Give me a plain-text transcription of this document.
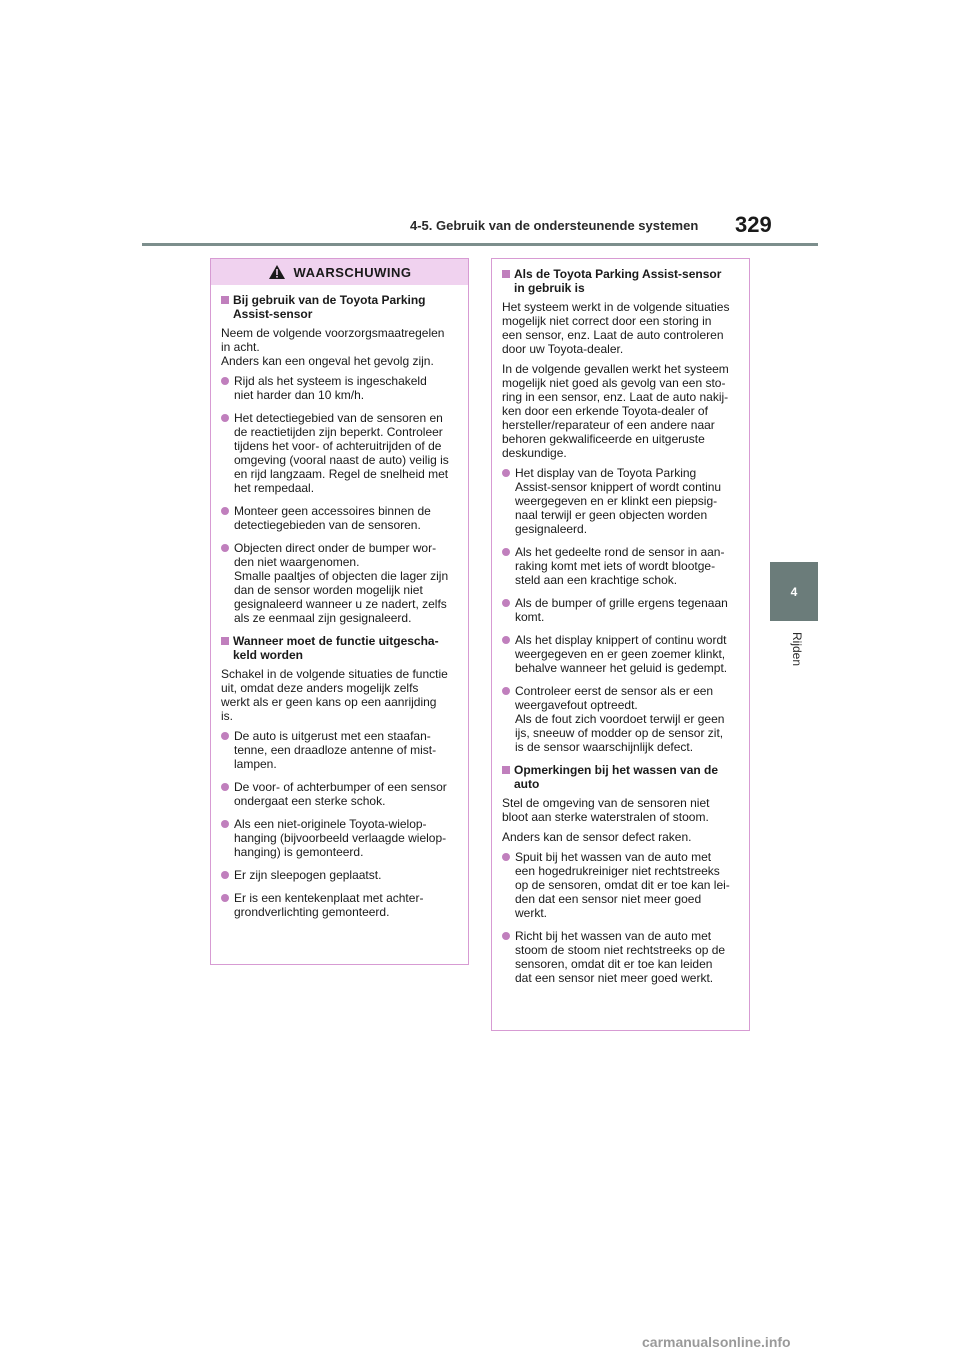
4-5. Gebruik van de ondersteunende systemen 329
4
Rijden
WAARSCHUWING
Bij gebruik van de Toyota Parking
Assist-sensor

Neem de volgende voorzorgsmaatregelen
in acht.
Anders kan een ongeval het gevolg zijn.

Rijd als het systeem is ingeschakeld
niet harder dan 10 km/h.
Het detectiegebied van de sensoren en
de reactietijden zijn beperkt. Controleer
tijdens het voor- of achteruitrijden of de
omgeving (vooral naast de auto) veilig is
en rijd langzaam. Regel de snelheid met
het rempedaal.
Monteer geen accessoires binnen de
detectiegebieden van de sensoren.
Objecten direct onder de bumper wor-
den niet waargenomen.
Smalle paaltjes of objecten die lager zijn
dan de sensor worden mogelijk niet
gesignaleerd wanneer u ze nadert, zelfs
als ze eenmaal zijn gesignaleerd.
Wanneer moet de functie uitgescha-
keld worden

Schakel in de volgende situaties de functie
uit, omdat deze anders mogelijk zelfs
werkt als er geen kans op een aanrijding
is.

De auto is uitgerust met een staafan-
tenne, een draadloze antenne of mist-
lampen.
De voor- of achterbumper of een sensor
ondergaat een sterke schok.
Als een niet-originele Toyota-wielop-
hanging (bijvoorbeeld verlaagde wielop-
hanging) is gemonteerd.
Er zijn sleepogen geplaatst.
Er is een kentekenplaat met achter-
grondverlichting gemonteerd.
Als de Toyota Parking Assist-sensor
in gebruik is

Het systeem werkt in de volgende situaties
mogelijk niet correct door een storing in
een sensor, enz. Laat de auto controleren
door uw Toyota-dealer.

In de volgende gevallen werkt het systeem
mogelijk niet goed als gevolg van een sto-
ring in een sensor, enz. Laat de auto nakij-
ken door een erkende Toyota-dealer of
hersteller/reparateur of een andere naar
behoren gekwalificeerde en uitgeruste
deskundige.

Het display van de Toyota Parking
Assist-sensor knippert of wordt continu
weergegeven en er klinkt een piepsig-
naal terwijl er geen objecten worden
gesignaleerd.
Als het gedeelte rond de sensor in aan-
raking komt met iets of wordt blootge-
steld aan een krachtige schok.
Als de bumper of grille ergens tegenaan
komt.
Als het display knippert of continu wordt
weergegeven en er geen zoemer klinkt,
behalve wanneer het geluid is gedempt.
Controleer eerst de sensor als er een
weergavefout optreedt.
Als de fout zich voordoet terwijl er geen
ijs, sneeuw of modder op de sensor zit,
is de sensor waarschijnlijk defect.
Opmerkingen bij het wassen van de
auto

Stel de omgeving van de sensoren niet
bloot aan sterke waterstralen of stoom.

Anders kan de sensor defect raken.

Spuit bij het wassen van de auto met
een hogedrukreiniger niet rechtstreeks
op de sensoren, omdat dit er toe kan lei-
den dat een sensor niet meer goed
werkt.
Richt bij het wassen van de auto met
stoom de stoom niet rechtstreeks op de
sensoren, omdat dit er toe kan leiden
dat een sensor niet meer goed werkt.
carmanualsonline.info
